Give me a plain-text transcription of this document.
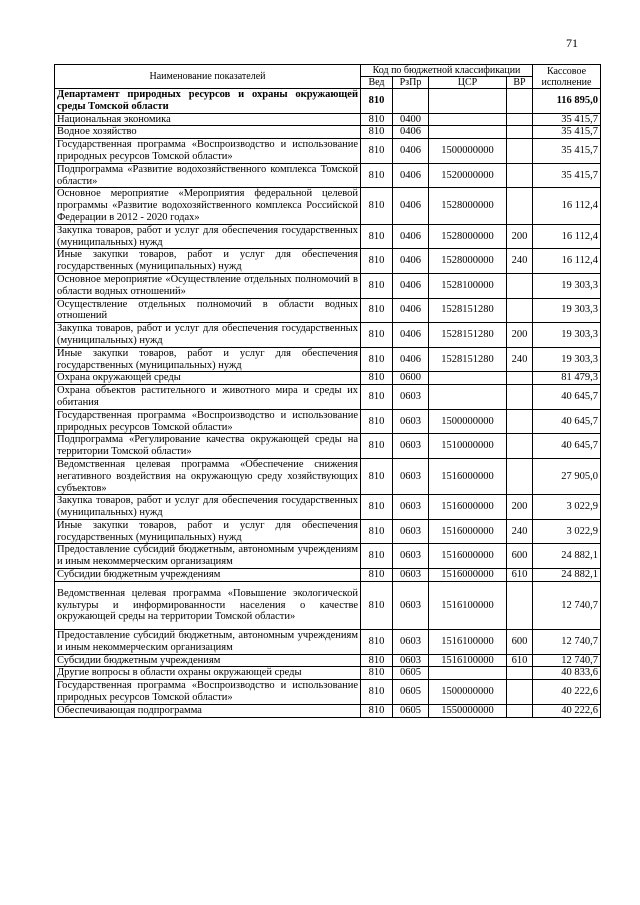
71
Наименование показателей	Код по бюджетной классификации				Кассовое исполнение
	Вед	РзПр	ЦСР	ВР	
Департамент природных ресурсов и охраны окружающей среды Томской области	810				116 895,0
Национальная экономика	810	0400			35 415,7
Водное хозяйство	810	0406			35 415,7
Государственная программа «Воспроизводство и использование природных ресурсов Томской области»	810	0406	1500000000		35 415,7
Подпрограмма «Развитие водохозяйственного комплекса Томской области»	810	0406	1520000000		35 415,7
Основное мероприятие «Мероприятия федеральной целевой программы «Развитие водохозяйственного комплекса Российской Федерации в 2012 - 2020 годах»	810	0406	1528000000		16 112,4
Закупка товаров, работ и услуг для обеспечения государственных (муниципальных) нужд	810	0406	1528000000	200	16 112,4
Иные закупки товаров, работ и услуг для обеспечения государственных (муниципальных) нужд	810	0406	1528000000	240	16 112,4
Основное мероприятие «Осуществление отдельных полномочий в области водных отношений»	810	0406	1528100000		19 303,3
Осуществление отдельных полномочий в области водных отношений	810	0406	1528151280		19 303,3
Закупка товаров, работ и услуг для обеспечения государственных (муниципальных) нужд	810	0406	1528151280	200	19 303,3
Иные закупки товаров, работ и услуг для обеспечения государственных (муниципальных) нужд	810	0406	1528151280	240	19 303,3
Охрана окружающей среды	810	0600			81 479,3
Охрана объектов растительного и животного мира и среды их обитания	810	0603			40 645,7
Государственная программа «Воспроизводство и использование природных ресурсов Томской области»	810	0603	1500000000		40 645,7
Подпрограмма «Регулирование качества окружающей среды на территории Томской области»	810	0603	1510000000		40 645,7
Ведомственная целевая программа «Обеспечение снижения негативного воздействия на окружающую среду хозяйствующих субъектов»	810	0603	1516000000		27 905,0
Закупка товаров, работ и услуг для обеспечения государственных (муниципальных) нужд	810	0603	1516000000	200	3 022,9
Иные закупки товаров, работ и услуг для обеспечения государственных (муниципальных) нужд	810	0603	1516000000	240	3 022,9
Предоставление субсидий бюджетным, автономным учреждениям и иным некоммерческим организациям	810	0603	1516000000	600	24 882,1
Субсидии бюджетным учреждениям	810	0603	1516000000	610	24 882,1
Ведомственная целевая программа «Повышение экологической культуры и информированности населения о качестве окружающей среды на территории Томской области»	810	0603	1516100000		12 740,7
Предоставление субсидий бюджетным, автономным учреждениям и иным некоммерческим организациям	810	0603	1516100000	600	12 740,7
Субсидии бюджетным учреждениям	810	0603	1516100000	610	12 740,7
Другие вопросы в области охраны окружающей среды	810	0605			40 833,6
Государственная программа «Воспроизводство и использование природных ресурсов Томской области»	810	0605	1500000000		40 222,6
Обеспечивающая подпрограмма	810	0605	1550000000		40 222,6
